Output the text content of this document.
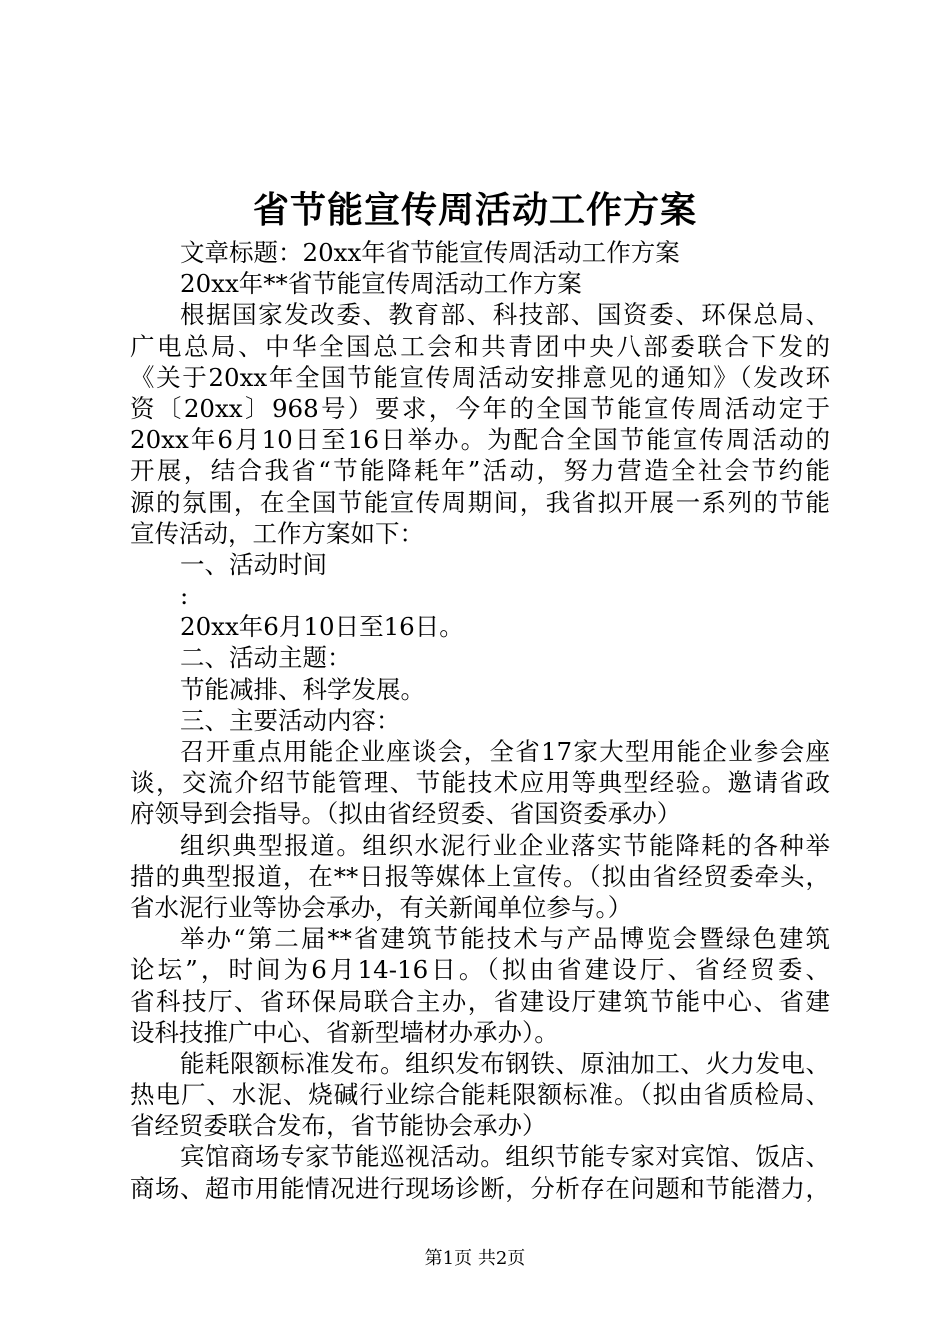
省节能宣传周活动工作方案
文章标题：20xx年省节能宣传周活动工作方案
20xx年**省节能宣传周活动工作方案
根据国家发改委、教育部、科技部、国资委、环保总局、
广电总局、中华全国总工会和共青团中央八部委联合下发的
《关于20xx年全国节能宣传周活动安排意见的通知》（发改环
资〔20xx〕968号）要求，今年的全国节能宣传周活动定于
20xx年6月10日至16日举办。为配合全国节能宣传周活动的
开展，结合我省“节能降耗年”活动，努力营造全社会节约能
源的氛围，在全国节能宣传周期间，我省拟开展一系列的节能
宣传活动，工作方案如下：
一、活动时间
:
20xx年6月10日至16日。
二、活动主题：
节能减排、科学发展。
三、主要活动内容：
召开重点用能企业座谈会，全省17家大型用能企业参会座
谈，交流介绍节能管理、节能技术应用等典型经验。邀请省政
府领导到会指导。（拟由省经贸委、省国资委承办）
组织典型报道。组织水泥行业企业落实节能降耗的各种举
措的典型报道，在**日报等媒体上宣传。（拟由省经贸委牵头，
省水泥行业等协会承办，有关新闻单位参与。）
举办“第二届**省建筑节能技术与产品博览会暨绿色建筑
论坛”，时间为6月14-16日。（拟由省建设厅、省经贸委、
省科技厅、省环保局联合主办，省建设厅建筑节能中心、省建
设科技推广中心、省新型墙材办承办）。
能耗限额标准发布。组织发布钢铁、原油加工、火力发电、
热电厂、水泥、烧碱行业综合能耗限额标准。（拟由省质检局、
省经贸委联合发布，省节能协会承办）
宾馆商场专家节能巡视活动。组织节能专家对宾馆、饭店、
商场、超市用能情况进行现场诊断，分析存在问题和节能潜力，
第1页 共2页
